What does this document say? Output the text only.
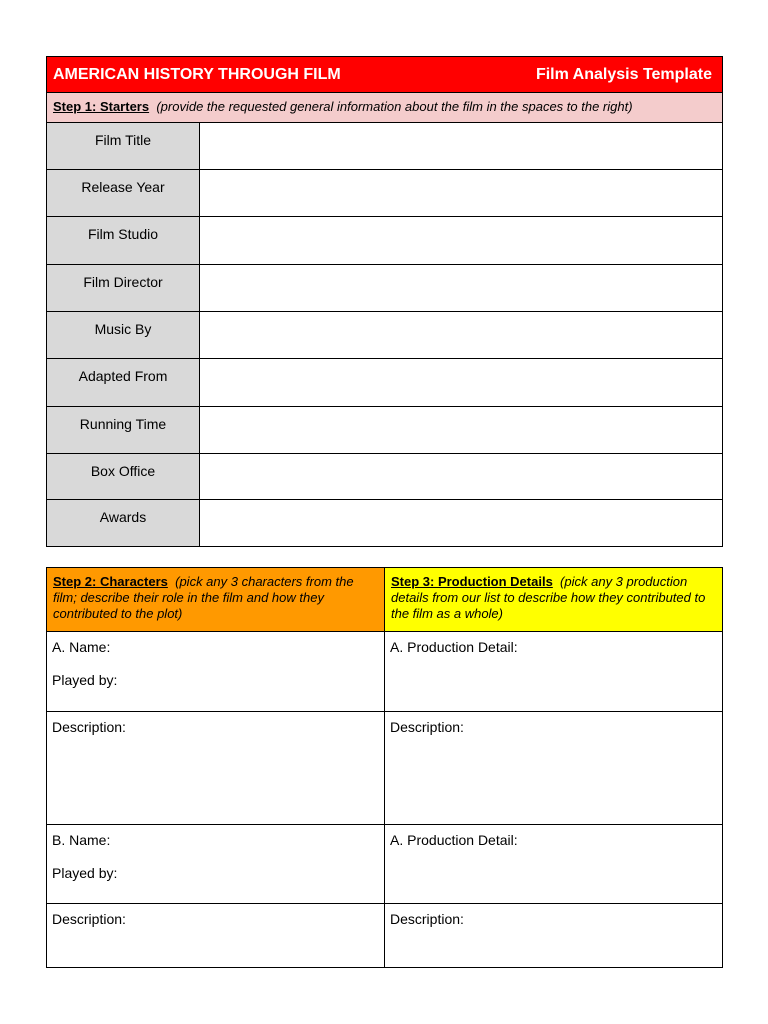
AMERICAN HISTORY THROUGH FILM	Film Analysis Template
Step 1: Starters (provide the requested general information about the film in the spaces to the right)
Film Title
Release Year
Film Studio
Film Director
Music By
Adapted From
Running Time
Box Office
Awards
Step 2: Characters (pick any 3 characters from the film; describe their role in the film and how they contributed to the plot)
A. Name:
Played by:
Description:
B. Name:
Played by:
Description:
Step 3: Production Details (pick any 3 production details from our list to describe how they contributed to the film as a whole)
A. Production Detail:
Description:
A. Production Detail:
Description:
